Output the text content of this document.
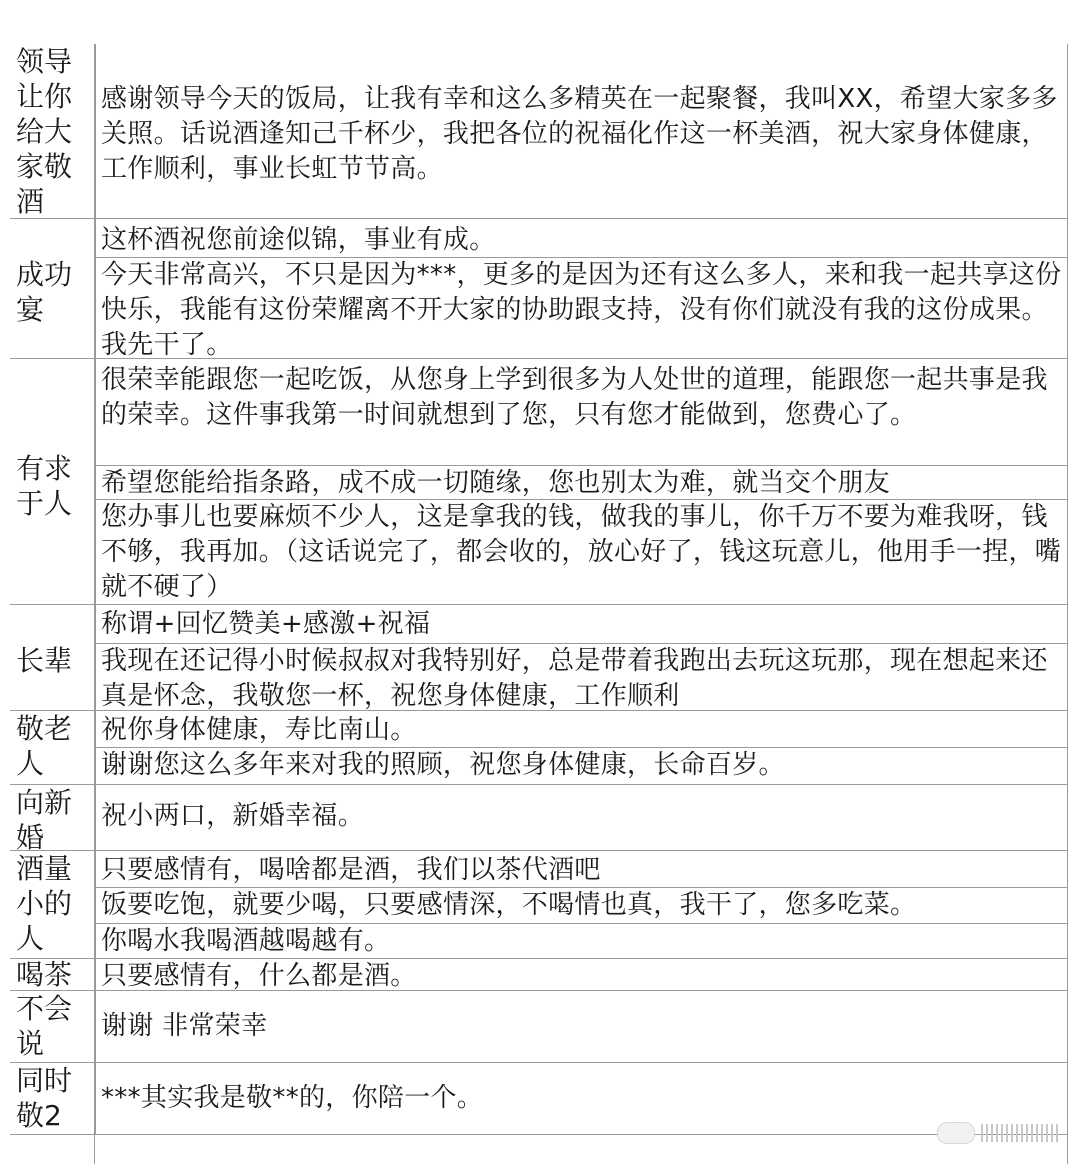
领导让你给大家敬酒
感谢领导今天的饭局，让我有幸和这么多精英在一起聚餐，我叫XX，希望大家多多关照。话说酒逢知己千杯少，我把各位的祝福化作这一杯美酒，祝大家身体健康，工作顺利，事业长虹节节高。
成功宴
这杯酒祝您前途似锦，事业有成。
今天非常高兴，不只是因为***，更多的是因为还有这么多人，来和我一起共享这份快乐，我能有这份荣耀离不开大家的协助跟支持，没有你们就没有我的这份成果。我先干了。
有求于人
很荣幸能跟您一起吃饭，从您身上学到很多为人处世的道理，能跟您一起共事是我的荣幸。这件事我第一时间就想到了您，只有您才能做到，您费心了。
希望您能给指条路，成不成一切随缘，您也别太为难，就当交个朋友
您办事儿也要麻烦不少人，这是拿我的钱，做我的事儿，你千万不要为难我呀，钱不够，我再加。（这话说完了，都会收的，放心好了，钱这玩意儿，他用手一捏，嘴就不硬了）
长辈
称谓+回忆赞美+感激+祝福
我现在还记得小时候叔叔对我特别好，总是带着我跑出去玩这玩那，现在想起来还真是怀念，我敬您一杯，祝您身体健康，工作顺利
敬老人
祝你身体健康，寿比南山。
谢谢您这么多年来对我的照顾，祝您身体健康，长命百岁。
向新婚
祝小两口，新婚幸福。
酒量小的人
只要感情有，喝啥都是酒，我们以茶代酒吧
饭要吃饱，就要少喝，只要感情深，不喝情也真，我干了，您多吃菜。
你喝水我喝酒越喝越有。
喝茶	只要感情有，什么都是酒。
不会说
谢谢 非常荣幸
同时敬2
***其实我是敬**的，你陪一个。
